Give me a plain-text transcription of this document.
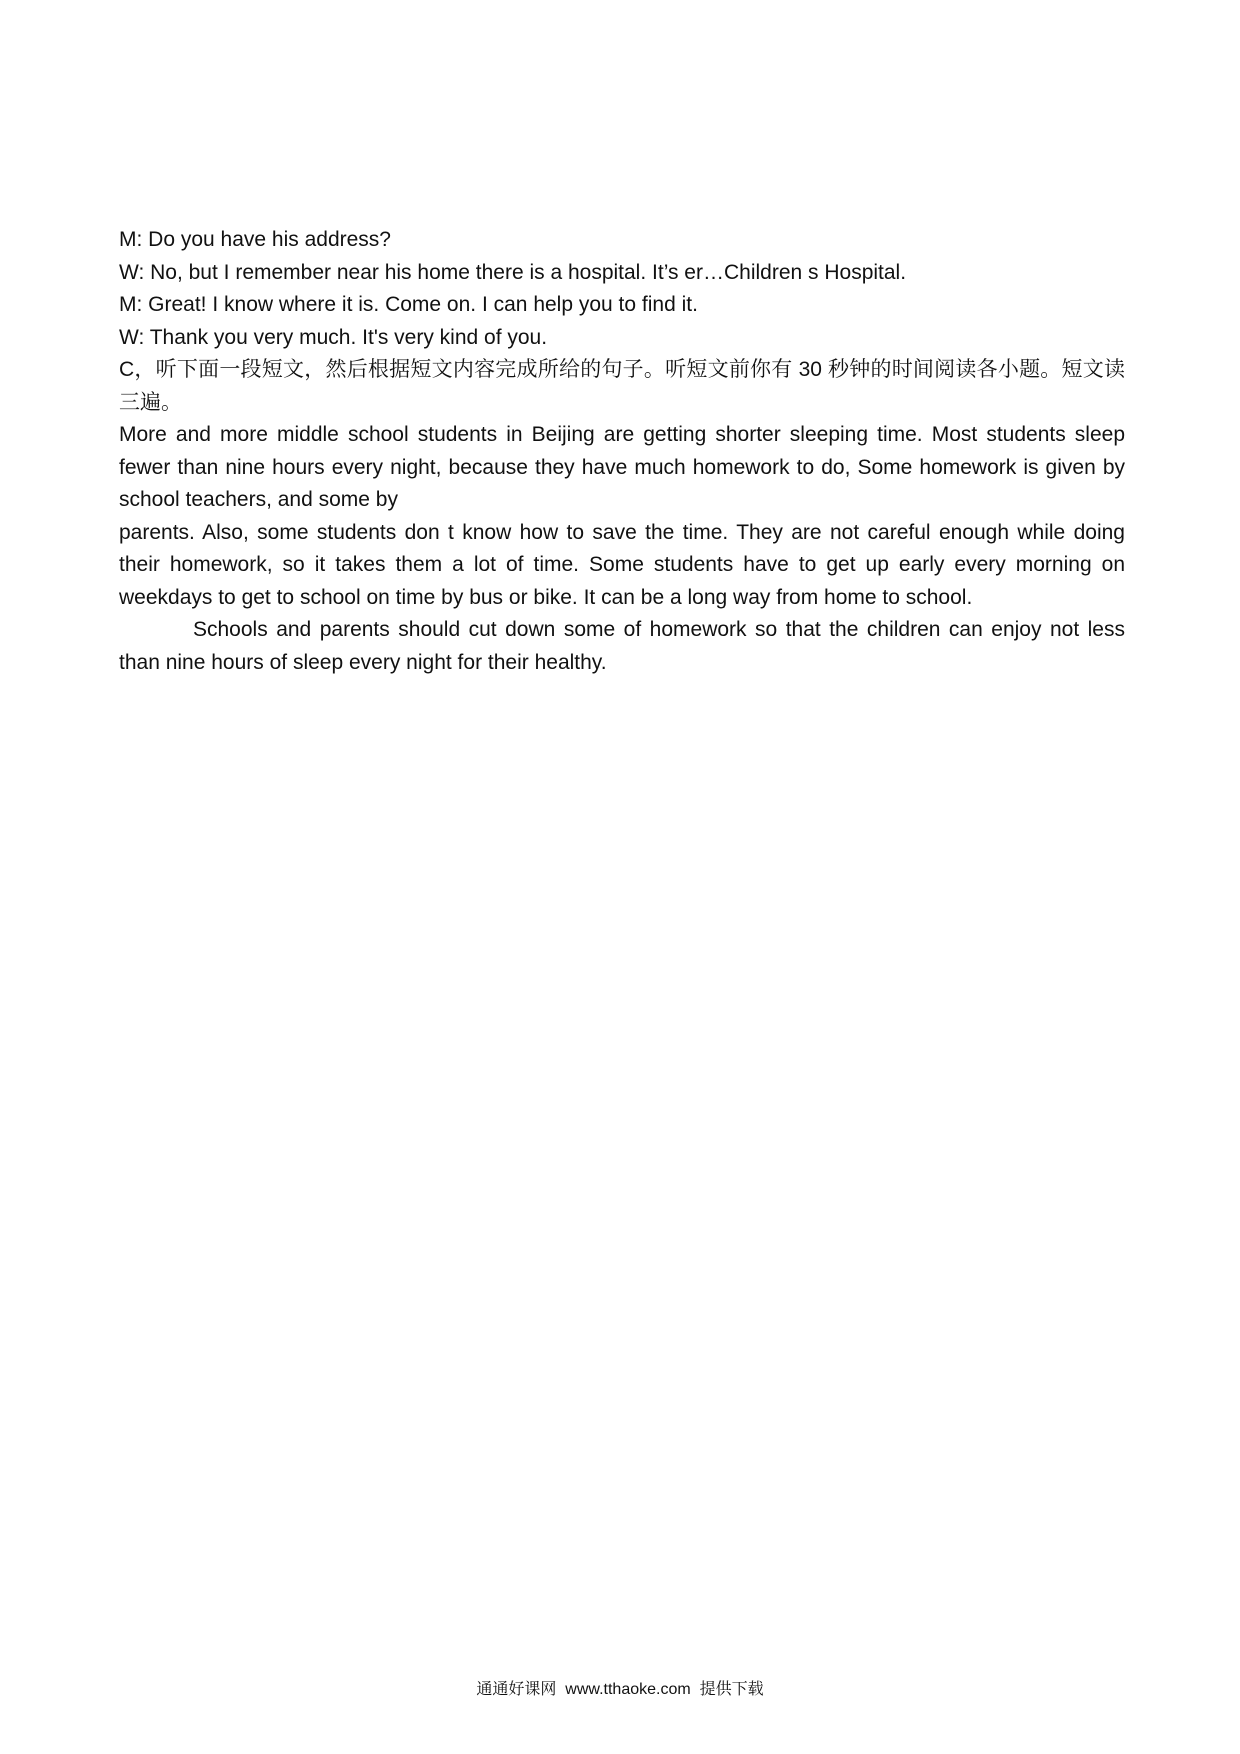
M: Do you have his address?
W: No, but I remember near his home there is a hospital. It’s er…Children s Hospital.
M: Great! I know where it is. Come on. I can help you to find it.
W: Thank you very much. It's very kind of you.
C，听下面一段短文，然后根据短文内容完成所给的句子。听短文前你有 30 秒钟的时间阅读各小题。短文读三遍。
More and more middle school students in Beijing are getting shorter sleeping time. Most students sleep fewer than nine hours every night, because they have much homework to do, Some homework is given by school teachers, and some by
parents. Also, some students don t know how to save the time. They are not careful enough while doing their homework, so it takes them a lot of time. Some students have to get up early every morning on weekdays to get to school on time by bus or bike. It can be a long way from home to school.
Schools and parents should cut down some of homework so that the children can enjoy not less than nine hours of sleep every night for their healthy.
通通好课网  www.tthaoke.com  提供下载
